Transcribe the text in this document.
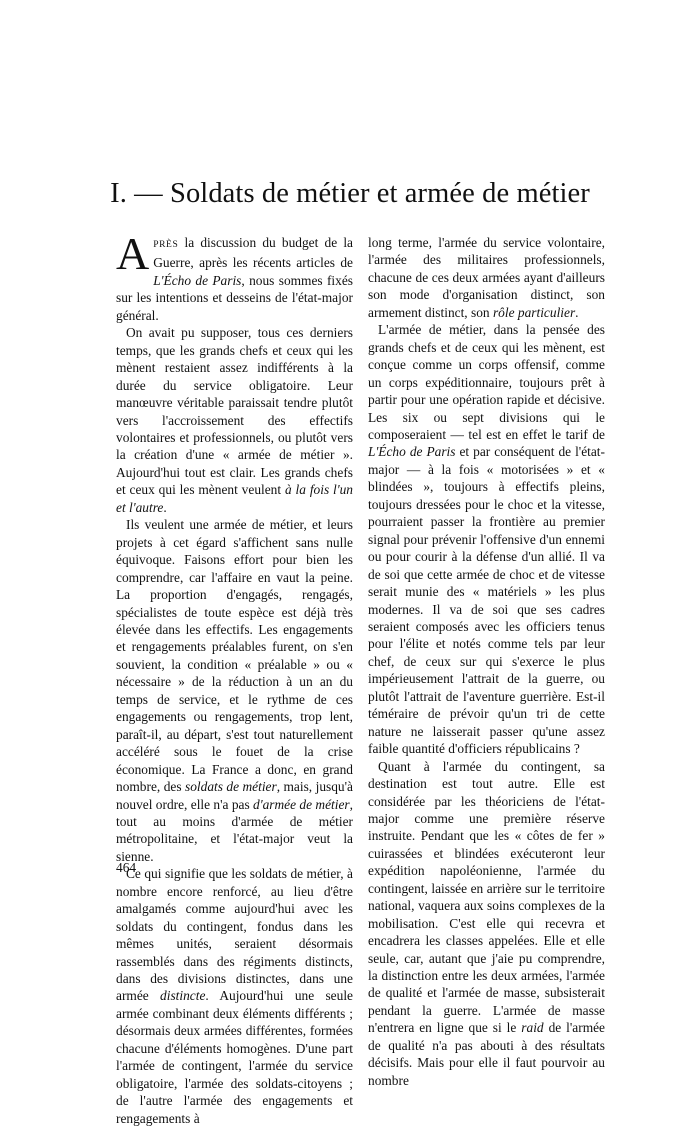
I. — Soldats de métier et armée de métier

APRÈS la discussion du budget de la Guerre, après les récents articles de L'Écho de Paris, nous sommes fixés sur les intentions et desseins de l'état-major général.

On avait pu supposer, tous ces derniers temps, que les grands chefs et ceux qui les mènent restaient assez indifférents à la durée du service obligatoire. Leur manœuvre véritable paraissait tendre plutôt vers l'accroissement des effectifs volontaires et professionnels, ou plutôt vers la création d'une « armée de métier ». Aujourd'hui tout est clair. Les grands chefs et ceux qui les mènent veulent à la fois l'un et l'autre.

Ils veulent une armée de métier, et leurs projets à cet égard s'affichent sans nulle équivoque. Faisons effort pour bien les comprendre, car l'affaire en vaut la peine. La proportion d'engagés, rengagés, spécialistes de toute espèce est déjà très élevée dans les effectifs. Les engagements et rengagements préalables furent, on s'en souvient, la condition « préalable » ou « nécessaire » de la réduction à un an du temps de service, et le rythme de ces engagements ou rengagements, trop lent, paraît-il, au départ, s'est tout naturellement accéléré sous le fouet de la crise économique. La France a donc, en grand nombre, des soldats de métier, mais, jusqu'à nouvel ordre, elle n'a pas d'armée de métier, tout au moins d'armée de métier métropolitaine, et l'état-major veut la sienne.

Ce qui signifie que les soldats de métier, à nombre encore renforcé, au lieu d'être amalgamés comme aujourd'hui avec les soldats du contingent, fondus dans les mêmes unités, seraient désormais rassemblés dans des régiments distincts, dans des divisions distinctes, dans une armée distincte. Aujourd'hui une seule armée combinant deux éléments différents ; désormais deux armées différentes, formées chacune d'éléments homogènes. D'une part l'armée de contingent, l'armée du service obligatoire, l'armée des soldats-citoyens ; de l'autre l'armée des engagements et rengagements à

long terme, l'armée du service volontaire, l'armée des militaires professionnels, chacune de ces deux armées ayant d'ailleurs son mode d'organisation distinct, son armement distinct, son rôle particulier.

L'armée de métier, dans la pensée des grands chefs et de ceux qui les mènent, est conçue comme un corps offensif, comme un corps expéditionnaire, toujours prêt à partir pour une opération rapide et décisive. Les six ou sept divisions qui le composeraient — tel est en effet le tarif de L'Écho de Paris et par conséquent de l'état-major — à la fois « motorisées » et « blindées », toujours à effectifs pleins, toujours dressées pour le choc et la vitesse, pourraient passer la frontière au premier signal pour prévenir l'offensive d'un ennemi ou pour courir à la défense d'un allié. Il va de soi que cette armée de choc et de vitesse serait munie des « matériels » les plus modernes. Il va de soi que ses cadres seraient composés avec les officiers tenus pour l'élite et notés comme tels par leur chef, de ceux sur qui s'exerce le plus impérieusement l'attrait de la guerre, ou plutôt l'attrait de l'aventure guerrière. Est-il téméraire de prévoir qu'un tri de cette nature ne laisserait passer qu'une assez faible quantité d'officiers républicains ?

Quant à l'armée du contingent, sa destination est tout autre. Elle est considérée par les théoriciens de l'état-major comme une première réserve instruite. Pendant que les « côtes de fer » cuirassées et blindées exécuteront leur expédition napoléonienne, l'armée du contingent, laissée en arrière sur le territoire national, vaquera aux soins complexes de la mobilisation. C'est elle qui recevra et encadrera les classes appelées. Elle et elle seule, car, autant que j'aie pu comprendre, la distinction entre les deux armées, l'armée de qualité et l'armée de masse, subsisterait pendant la guerre. L'armée de masse n'entrera en ligne que si le raid de l'armée de qualité n'a pas abouti à des résultats décisifs. Mais pour elle il faut pourvoir au nombre

464
